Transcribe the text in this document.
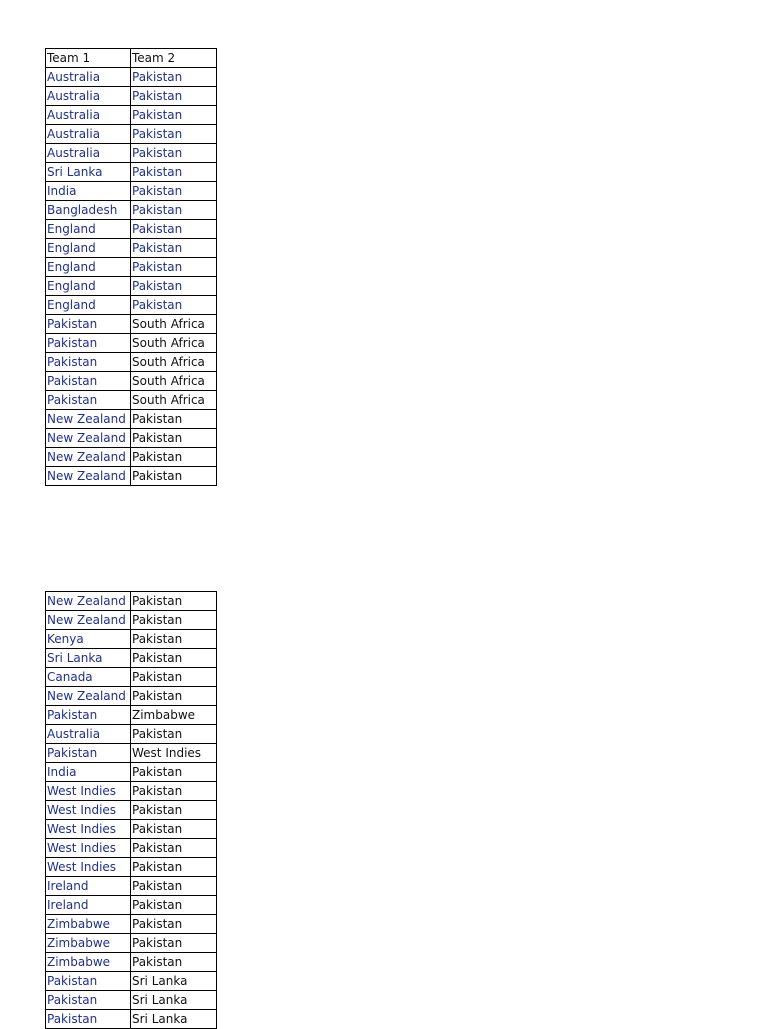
Team 1	Team 2
Australia	Pakistan
Australia	Pakistan
Australia	Pakistan
Australia	Pakistan
Australia	Pakistan
Sri Lanka	Pakistan
India	Pakistan
Bangladesh	Pakistan
England	Pakistan
England	Pakistan
England	Pakistan
England	Pakistan
England	Pakistan
Pakistan	South Africa
Pakistan	South Africa
Pakistan	South Africa
Pakistan	South Africa
Pakistan	South Africa
New Zealand	Pakistan
New Zealand	Pakistan
New Zealand	Pakistan
New Zealand	Pakistan
New Zealand	Pakistan
New Zealand	Pakistan
Kenya	Pakistan
Sri Lanka	Pakistan
Canada	Pakistan
New Zealand	Pakistan
Pakistan	Zimbabwe
Australia	Pakistan
Pakistan	West Indies
India	Pakistan
West Indies	Pakistan
West Indies	Pakistan
West Indies	Pakistan
West Indies	Pakistan
West Indies	Pakistan
Ireland	Pakistan
Ireland	Pakistan
Zimbabwe	Pakistan
Zimbabwe	Pakistan
Zimbabwe	Pakistan
Pakistan	Sri Lanka
Pakistan	Sri Lanka
Pakistan	Sri Lanka
